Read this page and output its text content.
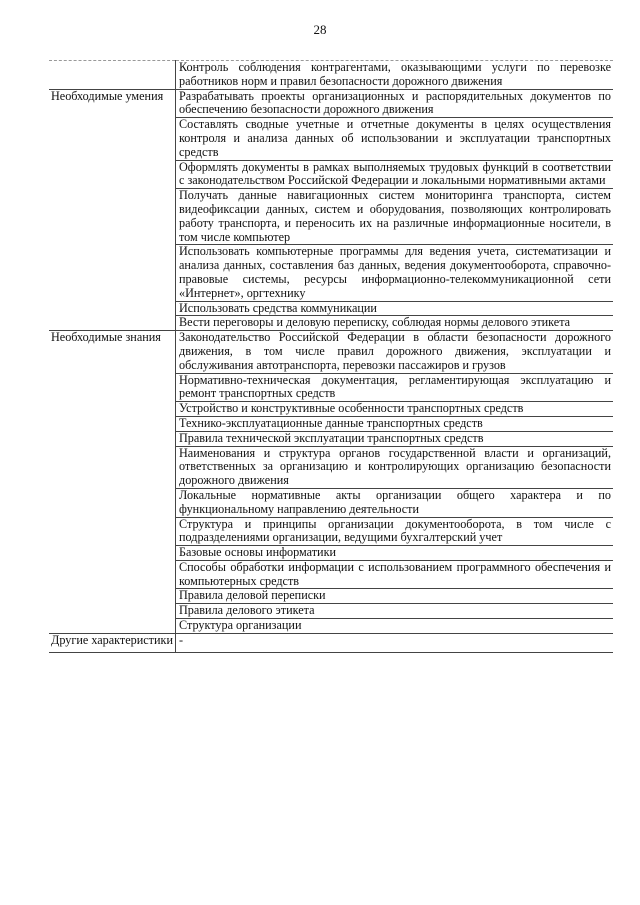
28
	Контроль соблюдения контрагентами, оказывающими услуги по перевозке работников норм и правил безопасности дорожного движения
Необходимые умения	Разрабатывать проекты организационных и распорядительных документов по обеспечению безопасности дорожного движения
	Составлять сводные учетные и отчетные документы в целях осуществления контроля и анализа данных об использовании и эксплуатации транспортных средств
	Оформлять документы в рамках выполняемых трудовых функций в соответствии с законодательством Российской Федерации и локальными нормативными актами
	Получать данные навигационных систем мониторинга транспорта, систем видеофиксации данных, систем и оборудования, позволяющих контролировать работу транспорта, и переносить их на различные информационные носители, в том числе компьютер
	Использовать компьютерные программы для ведения учета, систематизации и анализа данных, составления баз данных, ведения документооборота, справочно-правовые системы, ресурсы информационно-телекоммуникационной сети «Интернет», оргтехнику
	Использовать средства коммуникации
	Вести переговоры и деловую переписку, соблюдая нормы делового этикета
Необходимые знания	Законодательство Российской Федерации в области безопасности дорожного движения, в том числе правил дорожного движения, эксплуатации и обслуживания автотранспорта, перевозки пассажиров и грузов
	Нормативно-техническая документация, регламентирующая эксплуатацию и ремонт транспортных средств
	Устройство и конструктивные особенности транспортных средств
	Технико-эксплуатационные данные транспортных средств
	Правила технической эксплуатации транспортных средств
	Наименования и структура органов государственной власти и организаций, ответственных за организацию и контролирующих организацию безопасности дорожного движения
	Локальные нормативные акты организации общего характера и по функциональному направлению деятельности
	Структура и принципы организации документооборота, в том числе с подразделениями организации, ведущими бухгалтерский учет
	Базовые основы информатики
	Способы обработки информации с использованием программного обеспечения и компьютерных средств
	Правила деловой переписки
	Правила делового этикета
	Структура организации
Другие характеристики	-
